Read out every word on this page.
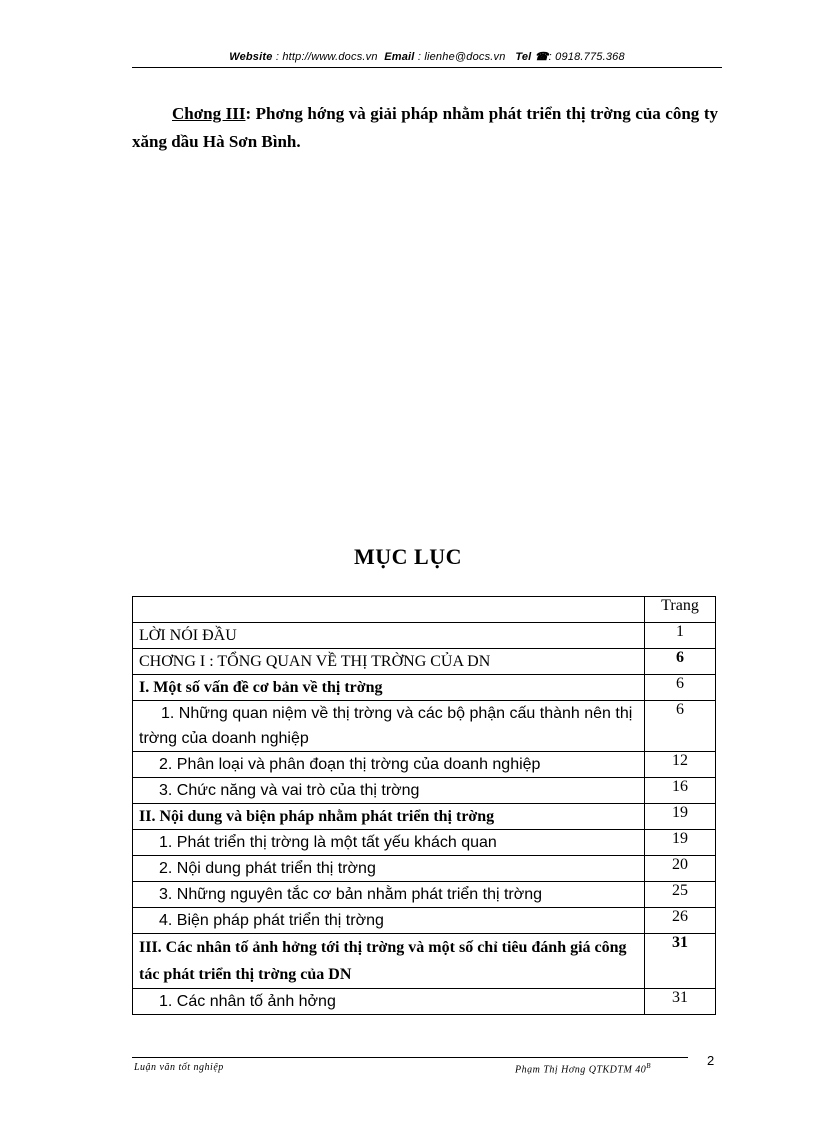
Website : http://www.docs.vn Email : lienhe@docs.vn Tel ☎: 0918.775.368

Chơng III: Phơng hớng và giải pháp nhằm phát triển thị trờng của công ty xăng dầu Hà Sơn Bình.

MỤC LỤC
	Trang
LỜI NÓI ĐẦU	1
CHƠNG I : TỔNG QUAN VỀ THỊ TRỜNG CỦA DN	6
I. Một số vấn đề cơ bản về thị trờng	6
1. Những quan niệm về thị trờng và các bộ phận cấu thành nên thị trờng của doanh nghiệp	6
2. Phân loại và phân đoạn thị trờng của doanh nghiệp	12
3. Chức năng và vai trò của thị trờng	16
II. Nội dung và biện pháp nhằm phát triển thị trờng	19
1. Phát triển thị trờng là một tất yếu khách quan	19
2. Nội dung phát triển thị trờng	20
3. Những nguyên tắc cơ bản nhằm phát triển thị trờng	25
4. Biện pháp phát triển thị trờng	26
III. Các nhân tố ảnh hởng tới thị trờng và một số chỉ tiêu đánh giá công tác phát triển thị trờng của DN	31
1. Các nhân tố ảnh hởng	31
Luận văn tốt nghiệp	Phạm Thị Hơng QTKDTM $40^B$	2
